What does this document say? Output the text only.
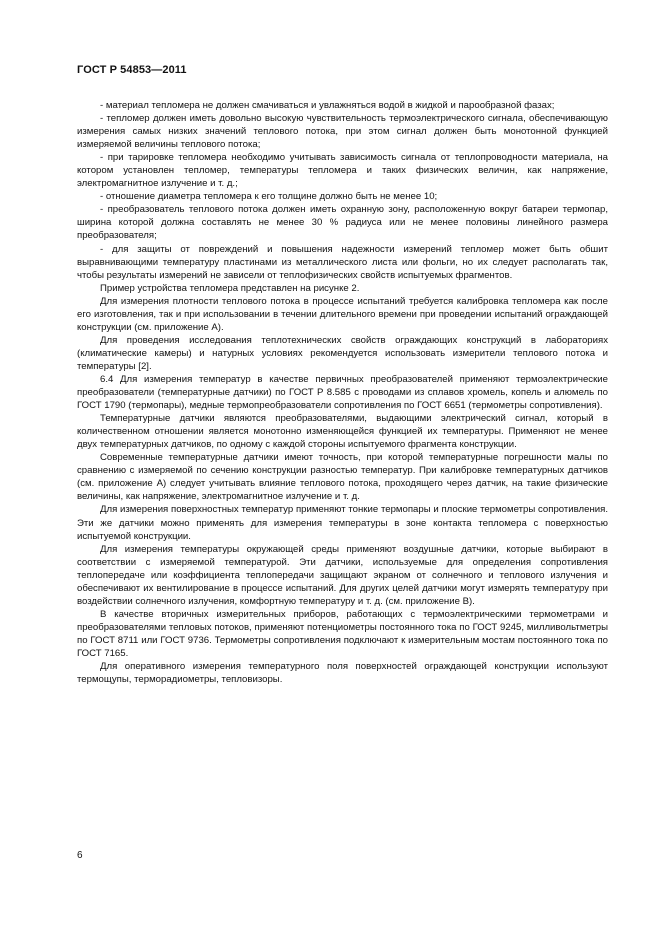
ГОСТ Р 54853—2011

- материал тепломера не должен смачиваться и увлажняться водой в жидкой и парообразной фазах;

- тепломер должен иметь довольно высокую чувствительность термоэлектрического сигнала, обеспечивающую измерения самых низких значений теплового потока, при этом сигнал должен быть монотонной функцией измеряемой величины теплового потока;

- при тарировке тепломера необходимо учитывать зависимость сигнала от теплопроводности материала, на котором установлен тепломер, температуры тепломера и таких физических величин, как напряжение, электромагнитное излучение и т. д.;

- отношение диаметра тепломера к его толщине должно быть не менее 10;

- преобразователь теплового потока должен иметь охранную зону, расположенную вокруг батареи термопар, ширина которой должна составлять не менее 30 % радиуса или не менее половины линейного размера преобразователя;

- для защиты от повреждений и повышения надежности измерений тепломер может быть обшит выравнивающими температуру пластинами из металлического листа или фольги, но их следует располагать так, чтобы результаты измерений не зависели от теплофизических свойств испытуемых фрагментов.

Пример устройства тепломера представлен на рисунке 2.

Для измерения плотности теплового потока в процессе испытаний требуется калибровка тепломера как после его изготовления, так и при использовании в течении длительного времени при проведении испытаний ограждающей конструкции (см. приложение А).

Для проведения исследования теплотехнических свойств ограждающих конструкций в лабораториях (климатические камеры) и натурных условиях рекомендуется использовать измерители теплового потока и температуры [2].

6.4 Для измерения температур в качестве первичных преобразователей применяют термоэлектрические преобразователи (температурные датчики) по ГОСТ Р 8.585 с проводами из сплавов хромель, копель и алюмель по ГОСТ 1790 (термопары), медные термопреобразователи сопротивления по ГОСТ 6651 (термометры сопротивления).

Температурные датчики являются преобразователями, выдающими электрический сигнал, который в количественном отношении является монотонно изменяющейся функцией их температуры. Применяют не менее двух температурных датчиков, по одному с каждой стороны испытуемого фрагмента конструкции.

Современные температурные датчики имеют точность, при которой температурные погрешности малы по сравнению с измеряемой по сечению конструкции разностью температур. При калибровке температурных датчиков (см. приложение А) следует учитывать влияние теплового потока, проходящего через датчик, на такие физические величины, как напряжение, электромагнитное излучение и т. д.

Для измерения поверхностных температур применяют тонкие термопары и плоские термометры сопротивления. Эти же датчики можно применять для измерения температуры в зоне контакта тепломера с поверхностью испытуемой конструкции.

Для измерения температуры окружающей среды применяют воздушные датчики, которые выбирают в соответствии с измеряемой температурой. Эти датчики, используемые для определения сопротивления теплопередаче или коэффициента теплопередачи защищают экраном от солнечного и теплового излучения и обеспечивают их вентилирование в процессе испытаний. Для других целей датчики могут измерять температуру при воздействии солнечного излучения, комфортную температуру и т. д. (см. приложение В).

В качестве вторичных измерительных приборов, работающих с термоэлектрическими термометрами и преобразователями тепловых потоков, применяют потенциометры постоянного тока по ГОСТ 9245, милливольтметры по ГОСТ 8711 или ГОСТ 9736. Термометры сопротивления подключают к измерительным мостам постоянного тока по ГОСТ 7165.

Для оперативного измерения температурного поля поверхностей ограждающей конструкции используют термощупы, терморадиометры, тепловизоры.

6
